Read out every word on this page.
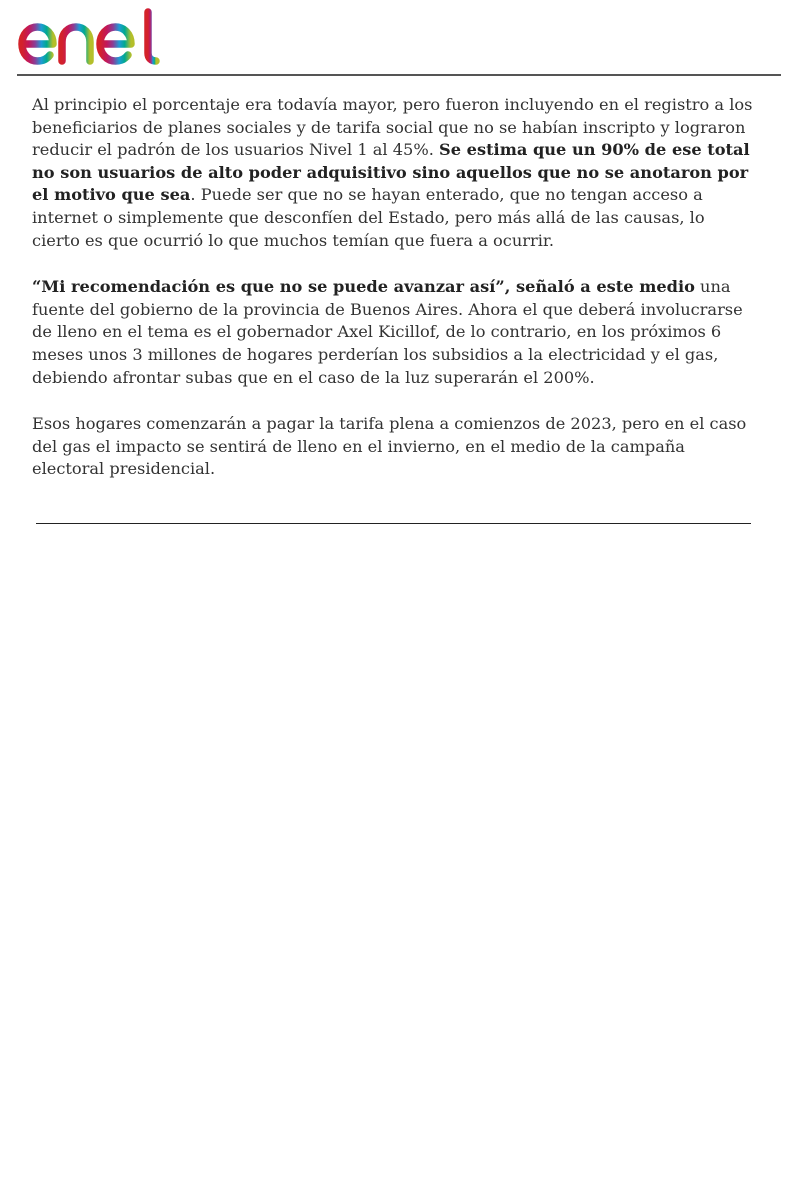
Al principio el porcentaje era todavía mayor, pero fueron incluyendo en el registro a los beneficiarios de planes sociales y de tarifa social que no se habían inscripto y lograron reducir el padrón de los usuarios Nivel 1 al 45%. Se estima que un 90% de ese total no son usuarios de alto poder adquisitivo sino aquellos que no se anotaron por el motivo que sea. Puede ser que no se hayan enterado, que no tengan acceso a internet o simplemente que desconfíen del Estado, pero más allá de las causas, lo cierto es que ocurrió lo que muchos temían que fuera a ocurrir.

“Mi recomendación es que no se puede avanzar así”, señaló a este medio una fuente del gobierno de la provincia de Buenos Aires. Ahora el que deberá involucrarse de lleno en el tema es el gobernador Axel Kicillof, de lo contrario, en los próximos 6 meses unos 3 millones de hogares perderían los subsidios a la electricidad y el gas, debiendo afrontar subas que en el caso de la luz superarán el 200%.

Esos hogares comenzarán a pagar la tarifa plena a comienzos de 2023, pero en el caso del gas el impacto se sentirá de lleno en el invierno, en el medio de la campaña electoral presidencial.
